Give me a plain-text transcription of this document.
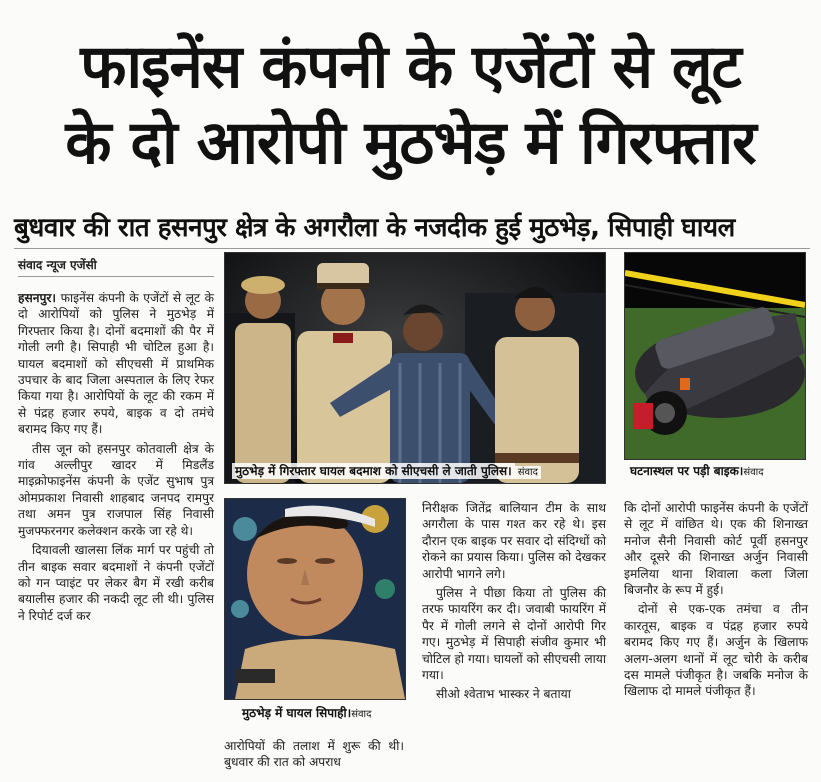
फाइनेंस कंपनी के एजेंटों से लूट
के दो आरोपी मुठभेड़ में गिरफ्तार
बुधवार की रात हसनपुर क्षेत्र के अगरौला के नजदीक हुई मुठभेड़, सिपाही घायल
संवाद न्यूज एजेंसी

हसनपुर। फाइनेंस कंपनी के एजेंटों से लूट के दो आरोपियों को पुलिस ने मुठभेड़ में गिरफ्तार किया है। दोनों बदमाशों की पैर में गोली लगी है। सिपाही भी चोटिल हुआ है। घायल बदमाशों को सीएचसी में प्राथमिक उपचार के बाद जिला अस्पताल के लिए रेफर किया गया है। आरोपियों के लूट की रकम में से पंद्रह हजार रुपये, बाइक व दो तमंचे बरामद किए गए हैं।

तीस जून को हसनपुर कोतवाली क्षेत्र के गांव अल्लीपुर खादर में मिडलैंड माइक्रोफाइनेंस कंपनी के एजेंट सुभाष पुत्र ओमप्रकाश निवासी शाहबाद जनपद रामपुर तथा अमन पुत्र राजपाल सिंह निवासी मुजफ्फरनगर कलेक्शन करके जा रहे थे।

दियावली खालसा लिंक मार्ग पर पहुंची तो तीन बाइक सवार बदमाशों ने कंपनी एजेंटों को गन प्वाइंट पर लेकर बैग में रखी करीब बयालीस हजार की नकदी लूट ली थी। पुलिस ने रिपोर्ट दर्ज कर

मुठभेड़ में गिरफ्तार घायल बदमाश को सीएचसी ले जाती पुलिस। संवाद	घटनास्थल पर पड़ी बाइक।संवाद
मुठभेड़ में घायल सिपाही।संवाद

आरोपियों की तलाश में शुरू की थी। बुधवार की रात को अपराध

निरीक्षक जितेंद्र बालियान टीम के साथ अगरौला के पास गश्त कर रहे थे। इस दौरान एक बाइक पर सवार दो संदिग्धों को रोकने का प्रयास किया। पुलिस को देखकर आरोपी भागने लगे।

पुलिस ने पीछा किया तो पुलिस की तरफ फायरिंग कर दी। जवाबी फायरिंग में पैर में गोली लगने से दोनों आरोपी गिर गए। मुठभेड़ में सिपाही संजीव कुमार भी चोटिल हो गया। घायलों को सीएचसी लाया गया।

सीओ श्वेताभ भास्कर ने बताया

कि दोनों आरोपी फाइनेंस कंपनी के एजेंटों से लूट में वांछित थे। एक की शिनाख्त मनोज सैनी निवासी कोर्ट पूर्वी हसनपुर और दूसरे की शिनाख्त अर्जुन निवासी इमलिया थाना शिवाला कला जिला बिजनौर के रूप में हुई।

दोनों से एक-एक तमंचा व तीन कारतूस, बाइक व पंद्रह हजार रुपये बरामद किए गए हैं। अर्जुन के खिलाफ अलग-अलग थानों में लूट चोरी के करीब दस मामले पंजीकृत है। जबकि मनोज के खिलाफ दो मामले पंजीकृत हैं।
